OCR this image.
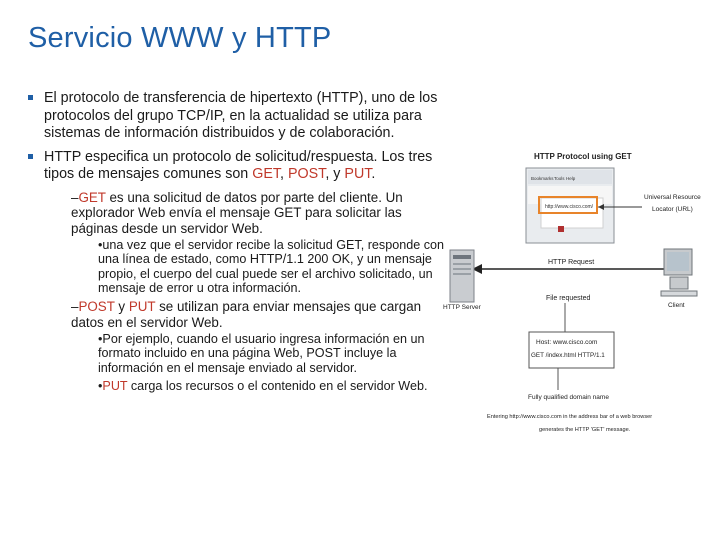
Servicio WWW y HTTP
El protocolo de transferencia de hipertexto (HTTP), uno de los protocolos del grupo TCP/IP, en la actualidad se utiliza para sistemas de información distribuidos y de colaboración.
HTTP especifica un protocolo de solicitud/respuesta. Los tres tipos de mensajes comunes son GET, POST, y PUT.
–GET es una solicitud de datos por parte del cliente. Un explorador Web envía el mensaje GET para solicitar las páginas desde un servidor Web.
•una vez que el servidor recibe la solicitud GET, responde con una línea de estado, como HTTP/1.1 200 OK, y un mensaje propio, el cuerpo del cual puede ser el archivo solicitado, un mensaje de error u otra información.
–POST y PUT se utilizan para enviar mensajes que cargan datos en el servidor Web.
•Por ejemplo, cuando el usuario ingresa información en un formato incluido en una página Web, POST incluye la información en el mensaje enviado al servidor.
•PUT carga los recursos o el contenido en el servidor Web.
HTTP Protocol using GET
Bookmarks Tools Help
http://www.cisco.com/
Universal Resource
Locator (URL)
HTTP Request
HTTP Server	Client
File requested
Host: www.cisco.com
GET /index.html HTTP/1.1
Fully qualified domain name
Entering http://www.cisco.com in the address bar of a web browser
generates the HTTP 'GET' message.
